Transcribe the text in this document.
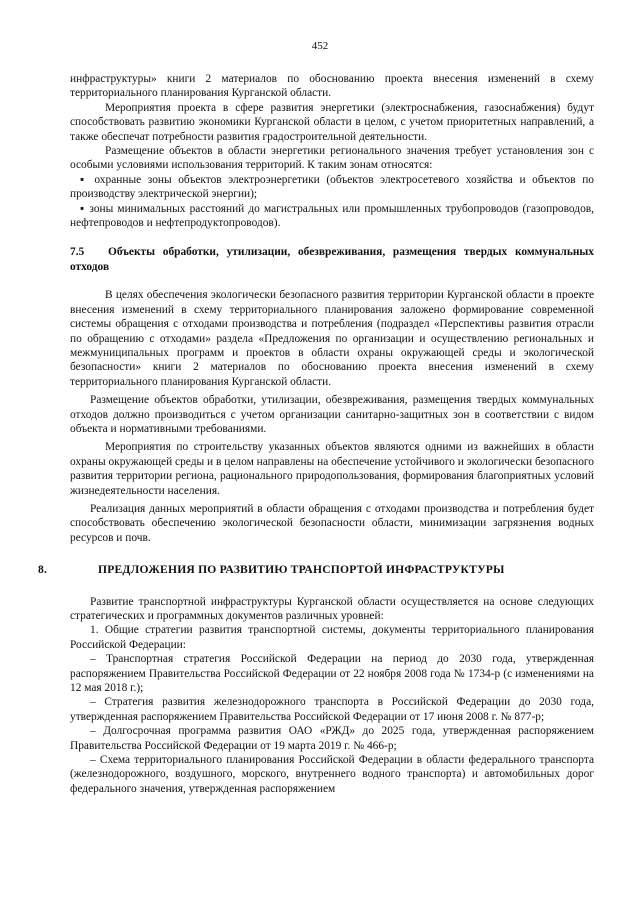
452

инфраструктуры» книги 2 материалов по обоснованию проекта внесения изменений в схему территориального планирования Курганской области.

Мероприятия проекта в сфере развития энергетики (электроснабжения, газоснабжения) будут способствовать развитию экономики Курганской области в целом, с учетом приоритетных направлений, а также обеспечат потребности развития градостроительной деятельности.

Размещение объектов в области энергетики регионального значения требует установления зон с особыми условиями использования территорий. К таким зонам относятся:

▪ охранные зоны объектов электроэнергетики (объектов электросетевого хозяйства и объектов по производству электрической энергии);

▪ зоны минимальных расстояний до магистральных или промышленных трубопроводов (газопроводов, нефтепроводов и нефтепродуктопроводов).

7.5 Объекты обработки, утилизации, обезвреживания, размещения твердых коммунальных отходов

В целях обеспечения экологически безопасного развития территории Курганской области в проекте внесения изменений в схему территориального планирования заложено формирование современной системы обращения с отходами производства и потребления (подраздел «Перспективы развития отрасли по обращению с отходами» раздела «Предложения по организации и осуществлению региональных и межмуниципальных программ и проектов в области охраны окружающей среды и экологической безопасности» книги 2 материалов по обоснованию проекта внесения изменений в схему территориального планирования Курганской области.

Размещение объектов обработки, утилизации, обезвреживания, размещения твердых коммунальных отходов должно производиться с учетом организации санитарно-защитных зон в соответствии с видом объекта и нормативными требованиями.

Мероприятия по строительству указанных объектов являются одними из важнейших в области охраны окружающей среды и в целом направлены на обеспечение устойчивого и экологически безопасного развития территории региона, рационального природопользования, формирования благоприятных условий жизнедеятельности населения.

Реализация данных мероприятий в области обращения с отходами производства и потребления будет способствовать обеспечению экологической безопасности области, минимизации загрязнения водных ресурсов и почв.

8.	ПРЕДЛОЖЕНИЯ ПО РАЗВИТИЮ ТРАНСПОРТОЙ ИНФРАСТРУКТУРЫ

Развитие транспортной инфраструктуры Курганской области осуществляется на основе следующих стратегических и программных документов различных уровней:

1. Общие стратегии развития транспортной системы, документы территориального планирования Российской Федерации:

– Транспортная стратегия Российской Федерации на период до 2030 года, утвержденная распоряжением Правительства Российской Федерации от 22 ноября 2008 года № 1734-р (с изменениями на 12 мая 2018 г.);

– Стратегия развития железнодорожного транспорта в Российской Федерации до 2030 года, утвержденная распоряжением Правительства Российской Федерации от 17 июня 2008 г. № 877-р;

– Долгосрочная программа развития ОАО «РЖД» до 2025 года, утвержденная распоряжением Правительства Российской Федерации от 19 марта 2019 г. № 466-р;

– Схема территориального планирования Российской Федерации в области федерального транспорта (железнодорожного, воздушного, морского, внутреннего водного транспорта) и автомобильных дорог федерального значения, утвержденная распоряжением
